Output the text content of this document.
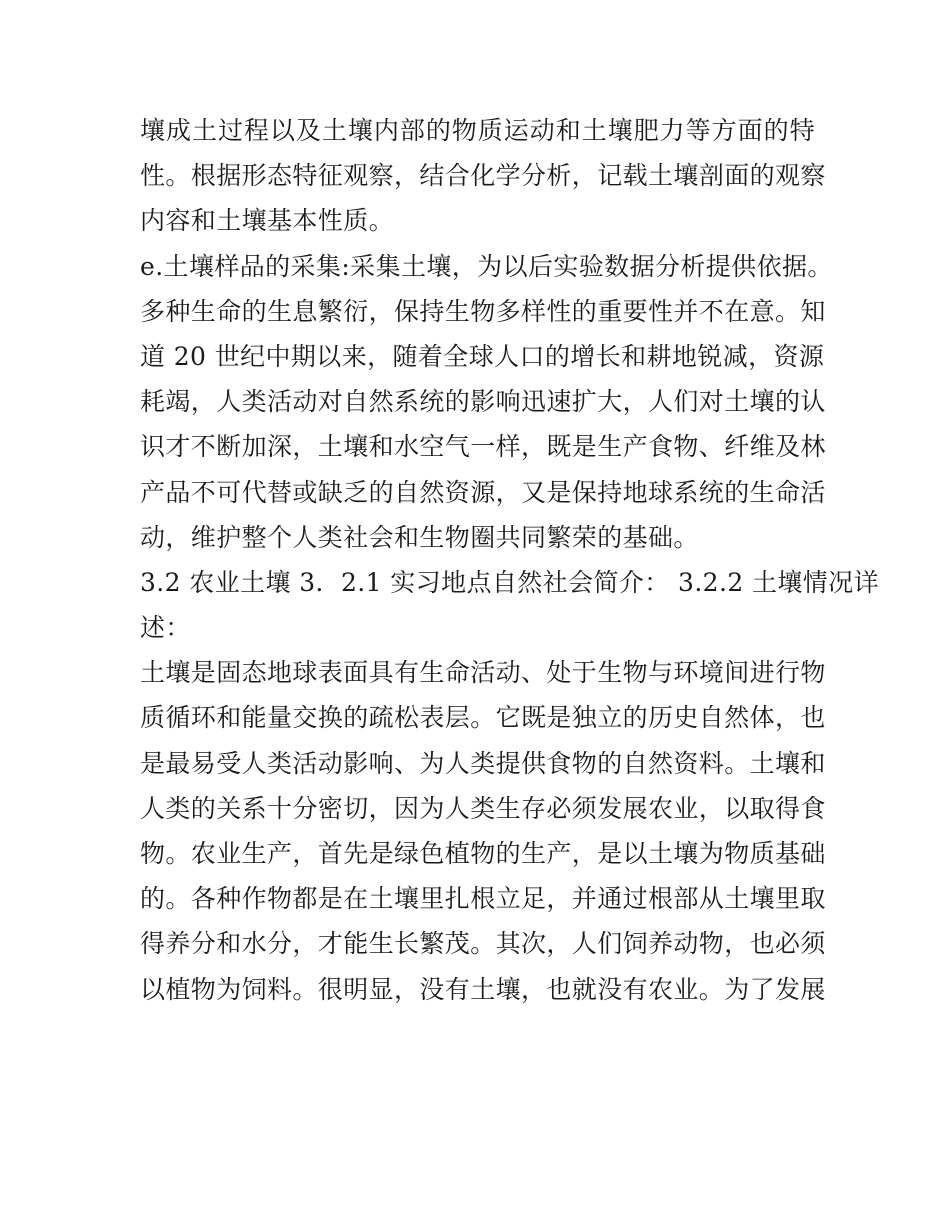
壤成土过程以及土壤内部的物质运动和土壤肥力等方面的特
性。根据形态特征观察，结合化学分析，记载土壤剖面的观察
内容和土壤基本性质。
e.土壤样品的采集:采集土壤，为以后实验数据分析提供依据。
多种生命的生息繁衍，保持生物多样性的重要性并不在意。知
道 20 世纪中期以来，随着全球人口的增长和耕地锐减，资源
耗竭，人类活动对自然系统的影响迅速扩大，人们对土壤的认
识才不断加深，土壤和水空气一样，既是生产食物、纤维及林
产品不可代替或缺乏的自然资源，又是保持地球系统的生命活
动，维护整个人类社会和生物圈共同繁荣的基础。
3.2 农业土壤 3．2.1 实习地点自然社会简介： 3.2.2 土壤情况详
述：
土壤是固态地球表面具有生命活动、处于生物与环境间进行物
质循环和能量交换的疏松表层。它既是独立的历史自然体，也
是最易受人类活动影响、为人类提供食物的自然资料。土壤和
人类的关系十分密切，因为人类生存必须发展农业，以取得食
物。农业生产，首先是绿色植物的生产，是以土壤为物质基础
的。各种作物都是在土壤里扎根立足，并通过根部从土壤里取
得养分和水分，才能生长繁茂。其次，人们饲养动物，也必须
以植物为饲料。很明显，没有土壤，也就没有农业。为了发展
